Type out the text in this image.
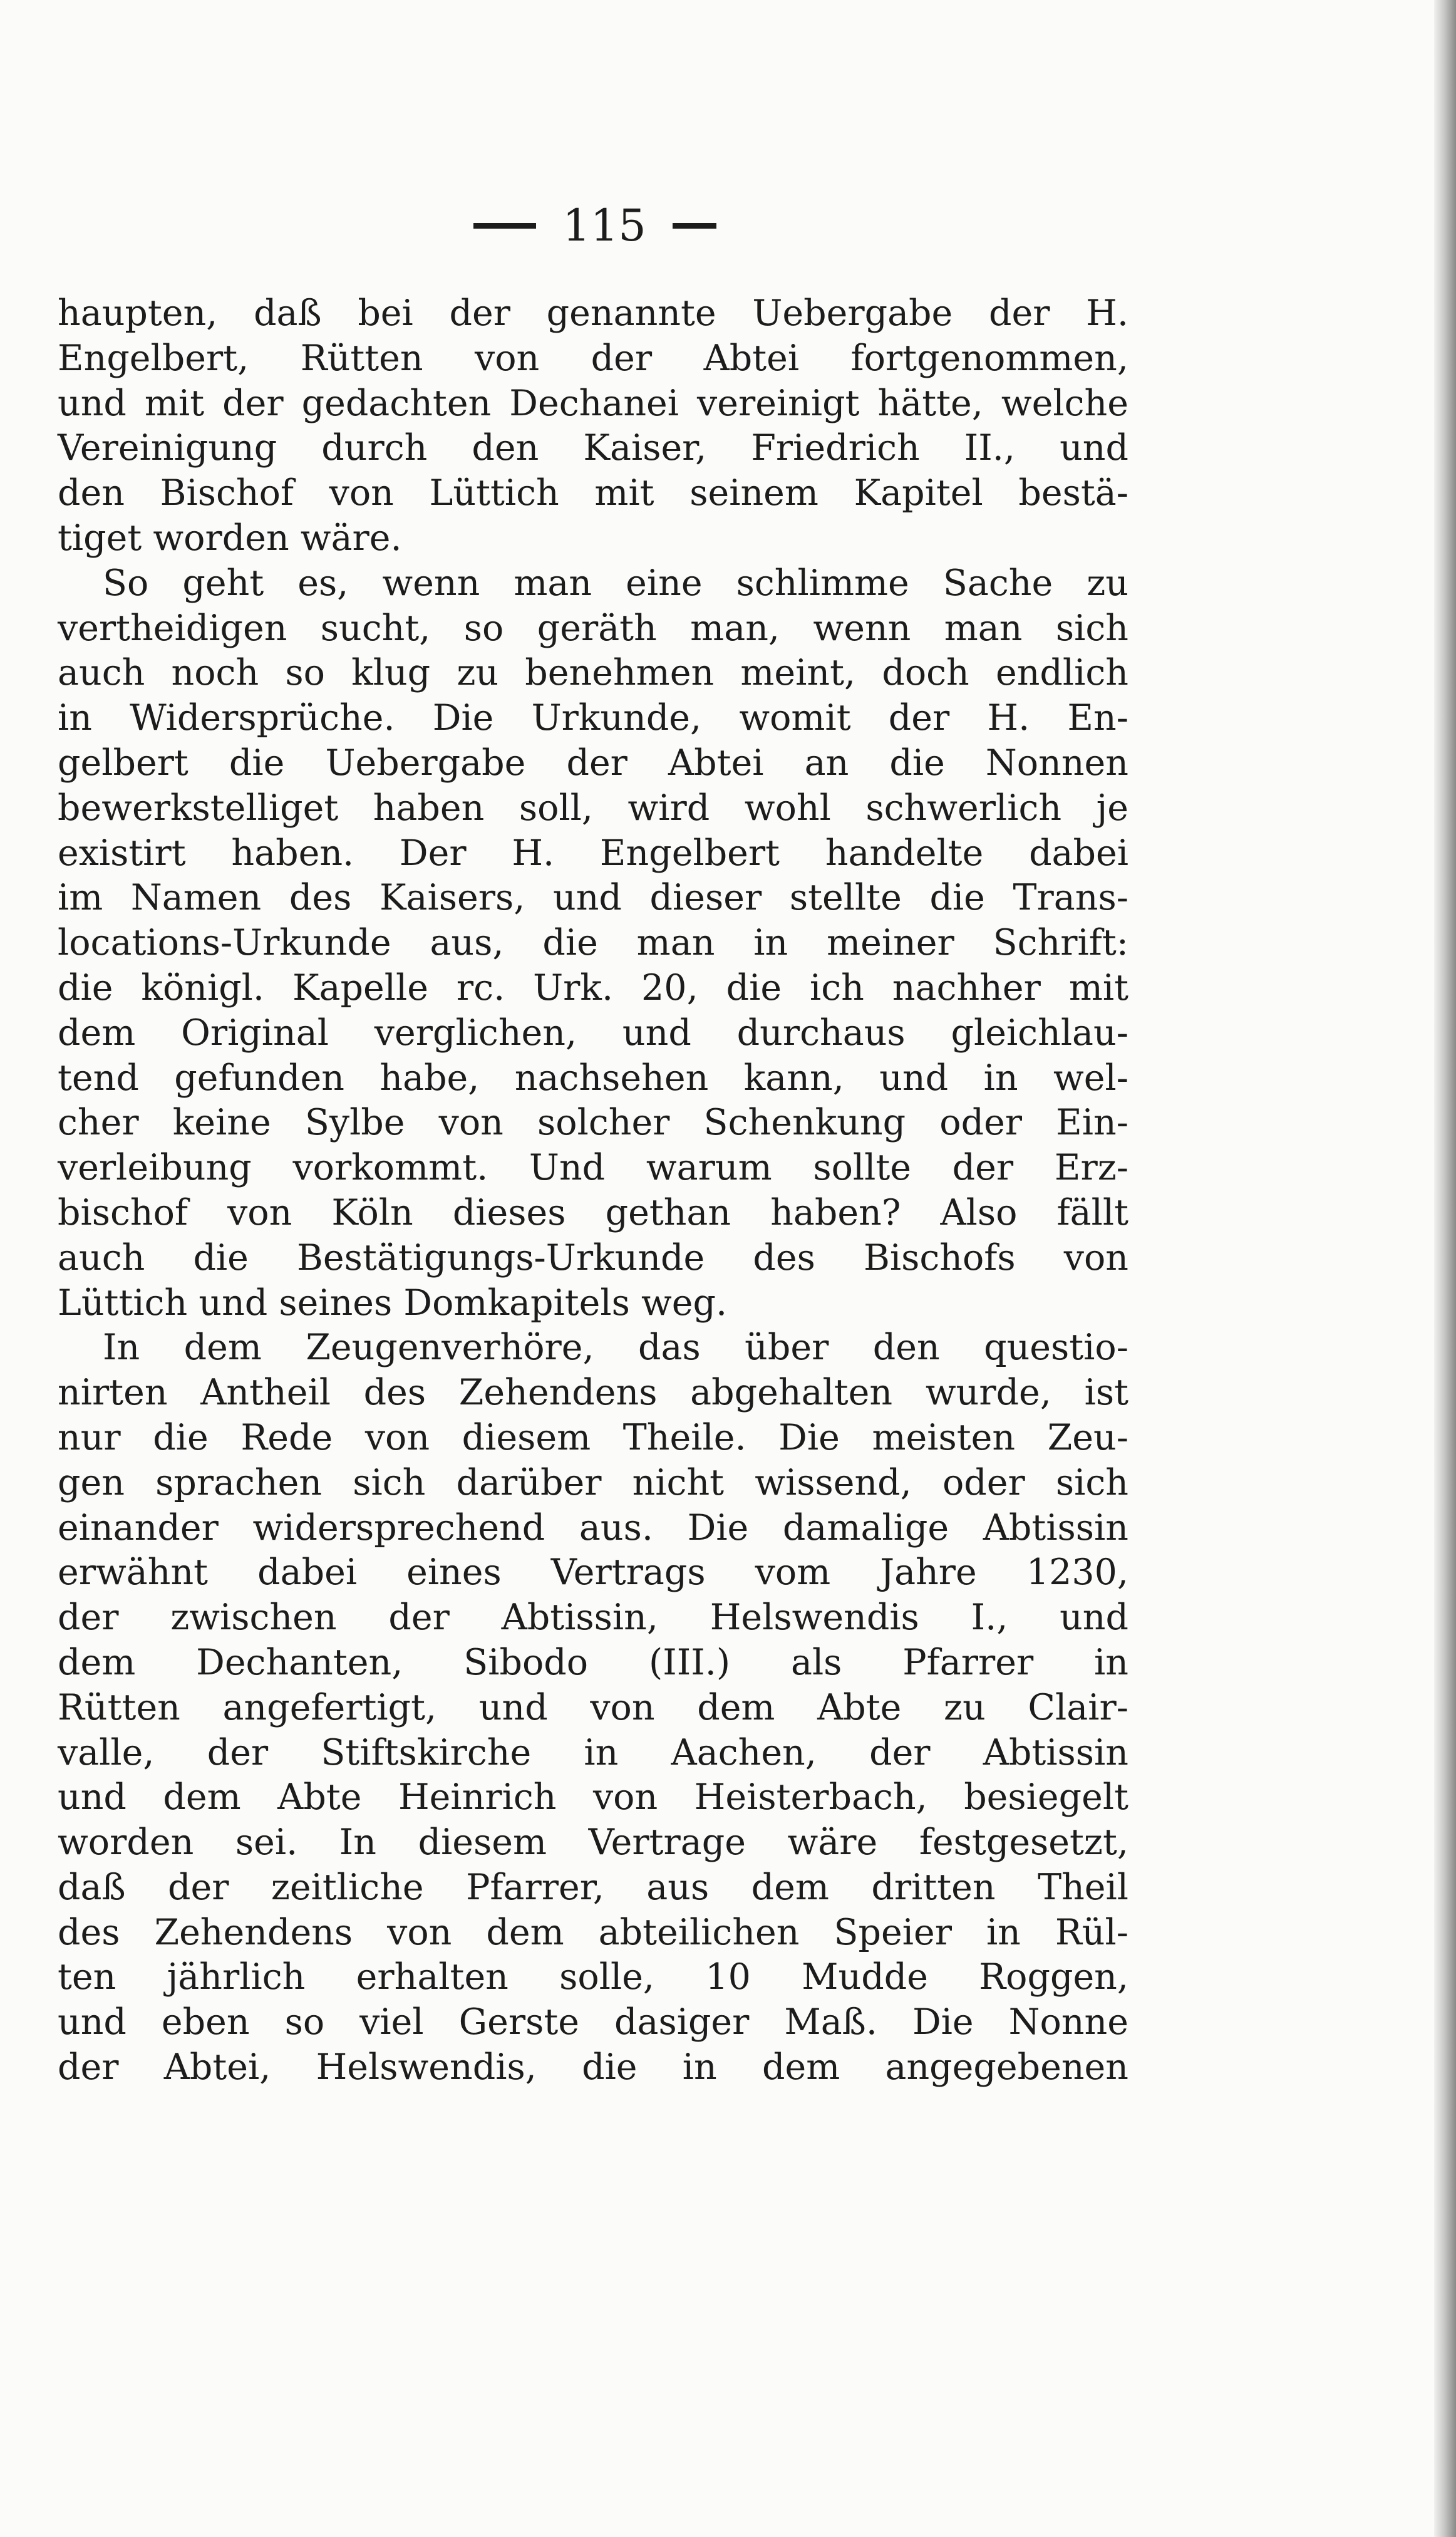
115
haupten, daß bei der genannte Uebergabe der H.
Engelbert, Rütten von der Abtei fortgenommen,
und mit der gedachten Dechanei vereinigt hätte, welche
Vereinigung durch den Kaiser, Friedrich II., und
den Bischof von Lüttich mit seinem Kapitel bestä-
tiget worden wäre.
So geht es, wenn man eine schlimme Sache zu
vertheidigen sucht, so geräth man, wenn man sich
auch noch so klug zu benehmen meint, doch endlich
in Widersprüche. Die Urkunde, womit der H. En-
gelbert die Uebergabe der Abtei an die Nonnen
bewerkstelliget haben soll, wird wohl schwerlich je
existirt haben. Der H. Engelbert handelte dabei
im Namen des Kaisers, und dieser stellte die Trans-
locations-Urkunde aus, die man in meiner Schrift:
die königl. Kapelle rc. Urk. 20, die ich nachher mit
dem Original verglichen, und durchaus gleichlau-
tend gefunden habe, nachsehen kann, und in wel-
cher keine Sylbe von solcher Schenkung oder Ein-
verleibung vorkommt. Und warum sollte der Erz-
bischof von Köln dieses gethan haben? Also fällt
auch die Bestätigungs-Urkunde des Bischofs von
Lüttich und seines Domkapitels weg.
In dem Zeugenverhöre, das über den questio-
nirten Antheil des Zehendens abgehalten wurde, ist
nur die Rede von diesem Theile. Die meisten Zeu-
gen sprachen sich darüber nicht wissend, oder sich
einander widersprechend aus. Die damalige Abtissin
erwähnt dabei eines Vertrags vom Jahre 1230,
der zwischen der Abtissin, Helswendis I., und
dem Dechanten, Sibodo (III.) als Pfarrer in
Rütten angefertigt, und von dem Abte zu Clair-
valle, der Stiftskirche in Aachen, der Abtissin
und dem Abte Heinrich von Heisterbach, besiegelt
worden sei. In diesem Vertrage wäre festgesetzt,
daß der zeitliche Pfarrer, aus dem dritten Theil
des Zehendens von dem abteilichen Speier in Rül-
ten jährlich erhalten solle, 10 Mudde Roggen,
und eben so viel Gerste dasiger Maß. Die Nonne
der Abtei, Helswendis, die in dem angegebenen
